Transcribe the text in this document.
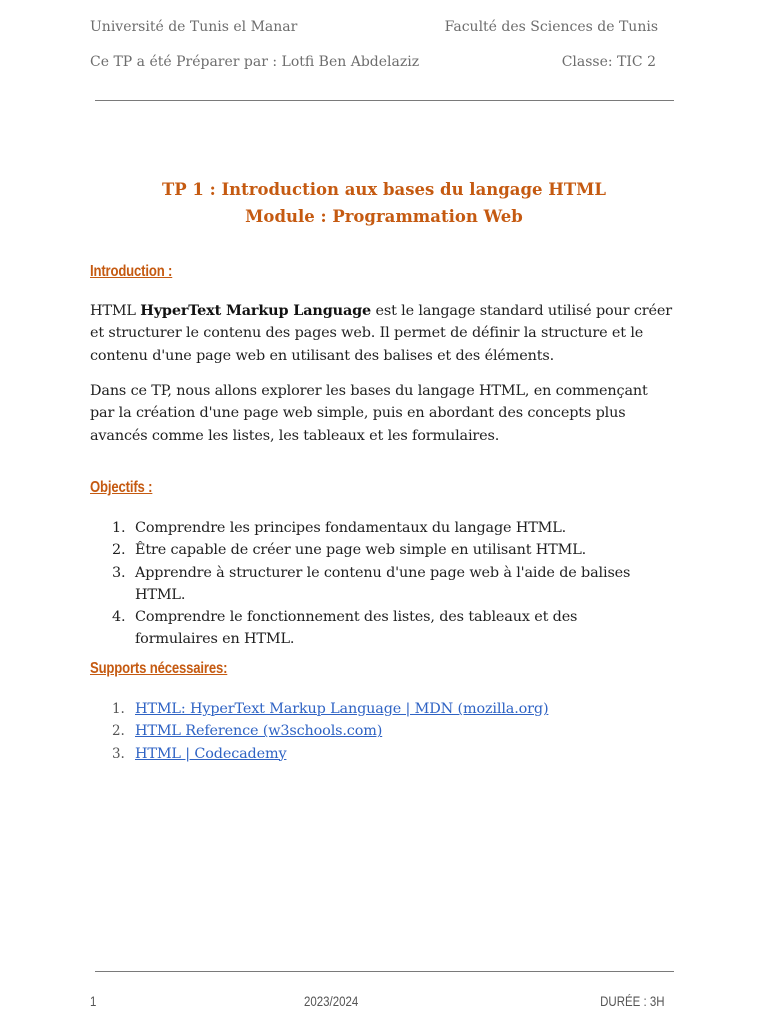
Université de Tunis el Manar	Faculté des Sciences de Tunis
Ce TP a été Préparer par : Lotfi Ben Abdelaziz	Classe: TIC 2
TP 1 : Introduction aux bases du langage HTML
Module : Programmation Web
Introduction :
HTML HyperText Markup Language est le langage standard utilisé pour créer et structurer le contenu des pages web. Il permet de définir la structure et le contenu d'une page web en utilisant des balises et des éléments.
Dans ce TP, nous allons explorer les bases du langage HTML, en commençant par la création d'une page web simple, puis en abordant des concepts plus avancés comme les listes, les tableaux et les formulaires.
Objectifs :
1. Comprendre les principes fondamentaux du langage HTML.
2. Être capable de créer une page web simple en utilisant HTML.
3. Apprendre à structurer le contenu d'une page web à l'aide de balises HTML.
4. Comprendre le fonctionnement des listes, des tableaux et des formulaires en HTML.
Supports nécessaires:
1. HTML: HyperText Markup Language | MDN (mozilla.org)
2. HTML Reference (w3schools.com)
3. HTML | Codecademy
1	2023/2024	DURÉE : 3H
